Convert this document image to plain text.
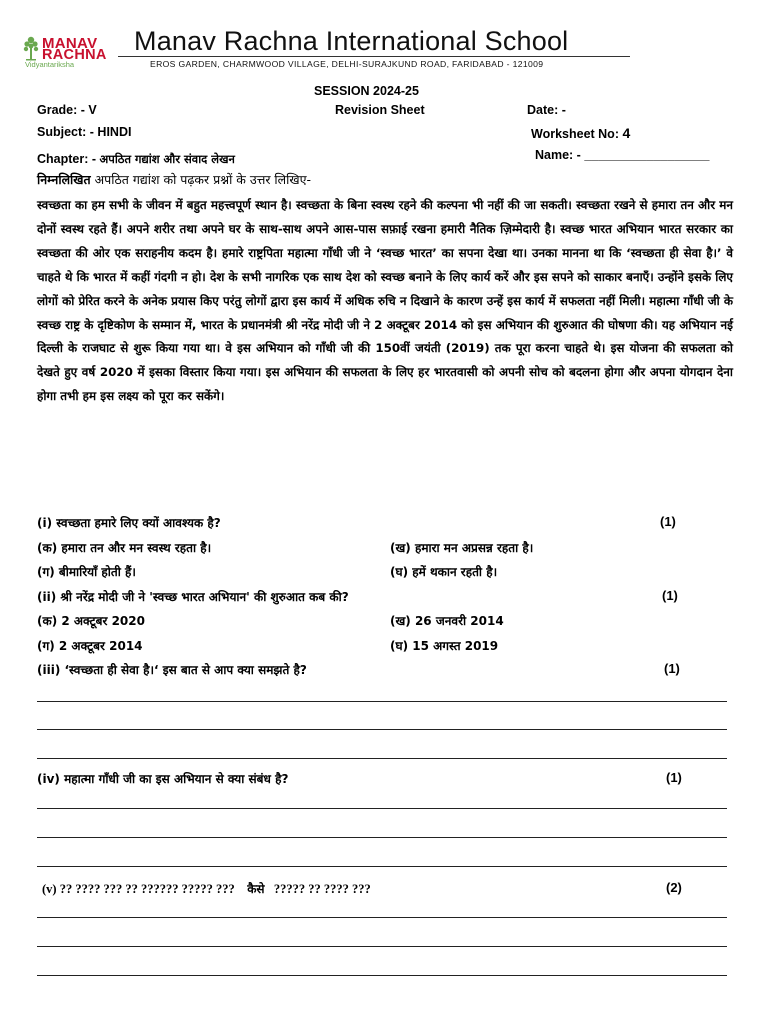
MANAV
RACHNA
Vidyantariksha
Manav Rachna International School
EROS GARDEN, CHARMWOOD VILLAGE, DELHI-SURAJKUND ROAD, FARIDABAD - 121009
SESSION 2024-25
Grade: - V	Revision Sheet	Date: -
Subject: - HINDI	Worksheet No: 4
Chapter: - अपठित गद्यांश और संवाद लेखन	Name: - __________________
निम्नलिखित अपठित गद्यांश को पढ़कर प्रश्नों के उत्तर लिखिए-
स्वच्छता का हम सभी के जीवन में बहुत महत्त्वपूर्ण स्थान है। स्वच्छता के बिना स्वस्थ रहने की कल्पना भी नहीं की जा सकती। स्वच्छता रखने से हमारा तन और मन दोनों स्वस्थ रहते हैं। अपने शरीर तथा अपने घर के साथ-साथ अपने आस-पास सफ़ाई रखना हमारी नैतिक ज़िम्मेदारी है। स्वच्छ भारत अभियान भारत सरकार का स्वच्छता की ओर एक सराहनीय कदम है। हमारे राष्ट्रपिता महात्मा गाँधी जी ने ‘स्वच्छ भारत’ का सपना देखा था। उनका मानना था कि ‘स्वच्छता ही सेवा है।’ वे चाहते थे कि भारत में कहीं गंदगी न हो। देश के सभी नागरिक एक साथ देश को स्वच्छ बनाने के लिए कार्य करें और इस सपने को साकार बनाएँ। उन्होंने इसके लिए लोगों को प्रेरित करने के अनेक प्रयास किए परंतु लोगों द्वारा इस कार्य में अधिक रुचि न दिखाने के कारण उन्हें इस कार्य में सफलता नहीं मिली। महात्मा गाँधी जी के स्वच्छ राष्ट्र के दृष्टिकोण के सम्मान में, भारत के प्रधानमंत्री श्री नरेंद्र मोदी जी ने 2 अक्टूबर 2014 को इस अभियान की शुरुआत की घोषणा की। यह अभियान नई दिल्ली के राजघाट से शुरू किया गया था। वे इस अभियान को गाँधी जी की 150वीं जयंती (2019) तक पूरा करना चाहते थे। इस योजना की सफलता को देखते हुए वर्ष 2020 में इसका विस्तार किया गया। इस अभियान की सफलता के लिए हर भारतवासी को अपनी सोच को बदलना होगा और अपना योगदान देना होगा तभी हम इस लक्ष्य को पूरा कर सकेंगे।
(i) स्वच्छता हमारे लिए क्यों आवश्यक है?	(1)
(क) हमारा तन और मन स्वस्थ रहता है।	(ख) हमारा मन अप्रसन्न रहता है।
(ग) बीमारियाँ होती हैं।	(घ) हमें थकान रहती है।
(ii) श्री नरेंद्र मोदी जी ने 'स्वच्छ भारत अभियान' की शुरुआत कब की?	(1)
(क) 2 अक्टूबर 2020	(ख) 26 जनवरी 2014
(ग) 2 अक्टूबर 2014	(घ) 15 अगस्त 2019
(iii) ‘स्वच्छता ही सेवा है।‘ इस बात से आप क्या समझते है?	(1)
(iv) महात्मा गाँधी जी का इस अभियान से क्या संबंध है?	(1)
(v) ?? ???? ??? ?? ?????? ????? ??? कैसे ????? ?? ???? ???	(2)
